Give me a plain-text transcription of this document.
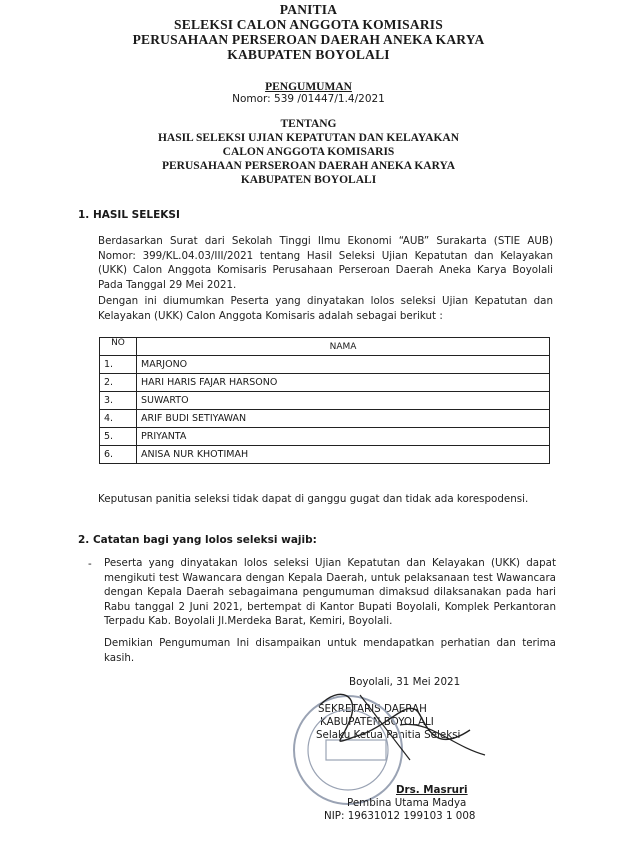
PANITIA
SELEKSI CALON ANGGOTA KOMISARIS
PERUSAHAAN PERSEROAN DAERAH ANEKA KARYA
KABUPATEN BOYOLALI
PENGUMUMAN
Nomor: 539 /01447/1.4/2021
TENTANG
HASIL SELEKSI UJIAN KEPATUTAN DAN KELAYAKAN
CALON ANGGOTA KOMISARIS
PERUSAHAAN PERSEROAN DAERAH ANEKA KARYA
KABUPATEN BOYOLALI
1. HASIL SELEKSI
Berdasarkan Surat dari Sekolah Tinggi Ilmu Ekonomi “AUB” Surakarta (STIE AUB) Nomor: 399/KL.04.03/III/2021 tentang Hasil Seleksi Ujian Kepatutan dan Kelayakan (UKK) Calon Anggota Komisaris Perusahaan Perseroan Daerah Aneka Karya Boyolali Pada Tanggal 29 Mei 2021.
Dengan ini diumumkan Peserta yang dinyatakan lolos seleksi Ujian Kepatutan dan Kelayakan (UKK) Calon Anggota Komisaris adalah sebagai berikut :
NO	NAMA
1.	MARJONO
2.	HARI HARIS FAJAR HARSONO
3.	SUWARTO
4.	ARIF BUDI SETIYAWAN
5.	PRIYANTA
6.	ANISA NUR KHOTIMAH
Keputusan panitia seleksi tidak dapat di ganggu gugat dan tidak ada korespodensi.
2. Catatan bagi yang lolos seleksi wajib:
- Peserta yang dinyatakan lolos seleksi Ujian Kepatutan dan Kelayakan (UKK) dapat mengikuti test Wawancara dengan Kepala Daerah, untuk pelaksanaan test Wawancara dengan Kepala Daerah sebagaimana pengumuman dimaksud dilaksanakan pada hari Rabu tanggal 2 Juni 2021, bertempat di Kantor Bupati Boyolali, Komplek Perkantoran Terpadu Kab. Boyolali Jl.Merdeka Barat, Kemiri, Boyolali.
Demikian Pengumuman Ini disampaikan untuk mendapatkan perhatian dan terima kasih.
Boyolali, 31 Mei 2021
SEKRETARIS DAERAH
KABUPATEN BOYOLALI
Selaku Ketua Panitia Seleksi
Drs. Masruri
Pembina Utama Madya
NIP: 19631012 199103 1 008
